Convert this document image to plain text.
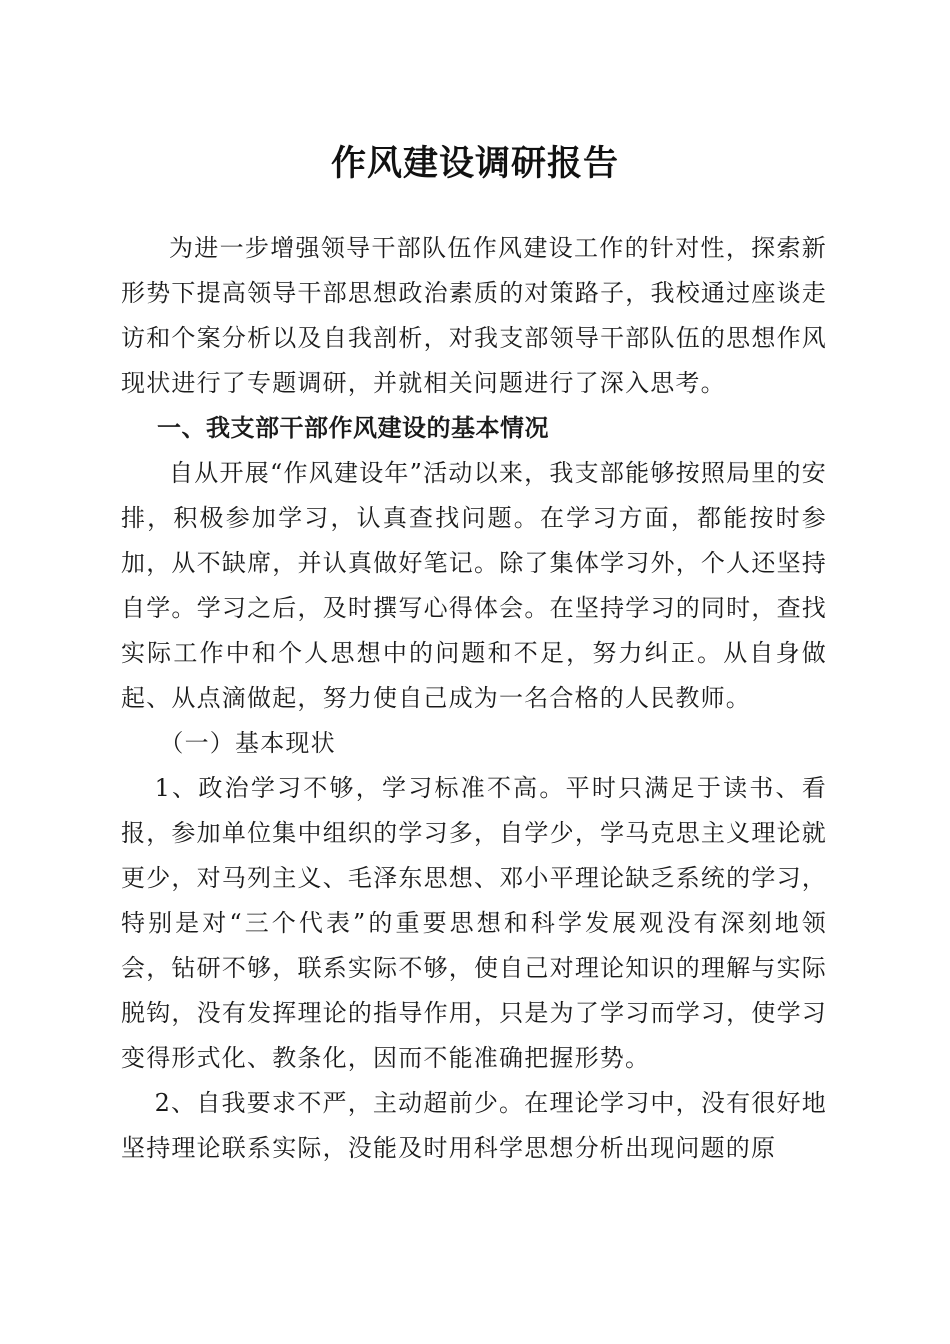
作风建设调研报告

为进一步增强领导干部队伍作风建设工作的针对性，探索新形势下提高领导干部思想政治素质的对策路子，我校通过座谈走访和个案分析以及自我剖析，对我支部领导干部队伍的思想作风现状进行了专题调研，并就相关问题进行了深入思考。

一、我支部干部作风建设的基本情况

自从开展“作风建设年”活动以来，我支部能够按照局里的安排，积极参加学习，认真查找问题。在学习方面，都能按时参加，从不缺席，并认真做好笔记。除了集体学习外，个人还坚持自学。学习之后，及时撰写心得体会。在坚持学习的同时，查找实际工作中和个人思想中的问题和不足，努力纠正。从自身做起、从点滴做起，努力使自己成为一名合格的人民教师。

（一）基本现状

1、政治学习不够，学习标准不高。平时只满足于读书、看报，参加单位集中组织的学习多，自学少，学马克思主义理论就更少，对马列主义、毛泽东思想、邓小平理论缺乏系统的学习，特别是对“三个代表”的重要思想和科学发展观没有深刻地领会，钻研不够，联系实际不够，使自己对理论知识的理解与实际脱钩，没有发挥理论的指导作用，只是为了学习而学习，使学习变得形式化、教条化，因而不能准确把握形势。

2、自我要求不严，主动超前少。在理论学习中，没有很好地坚持理论联系实际，没能及时用科学思想分析出现问题的原
